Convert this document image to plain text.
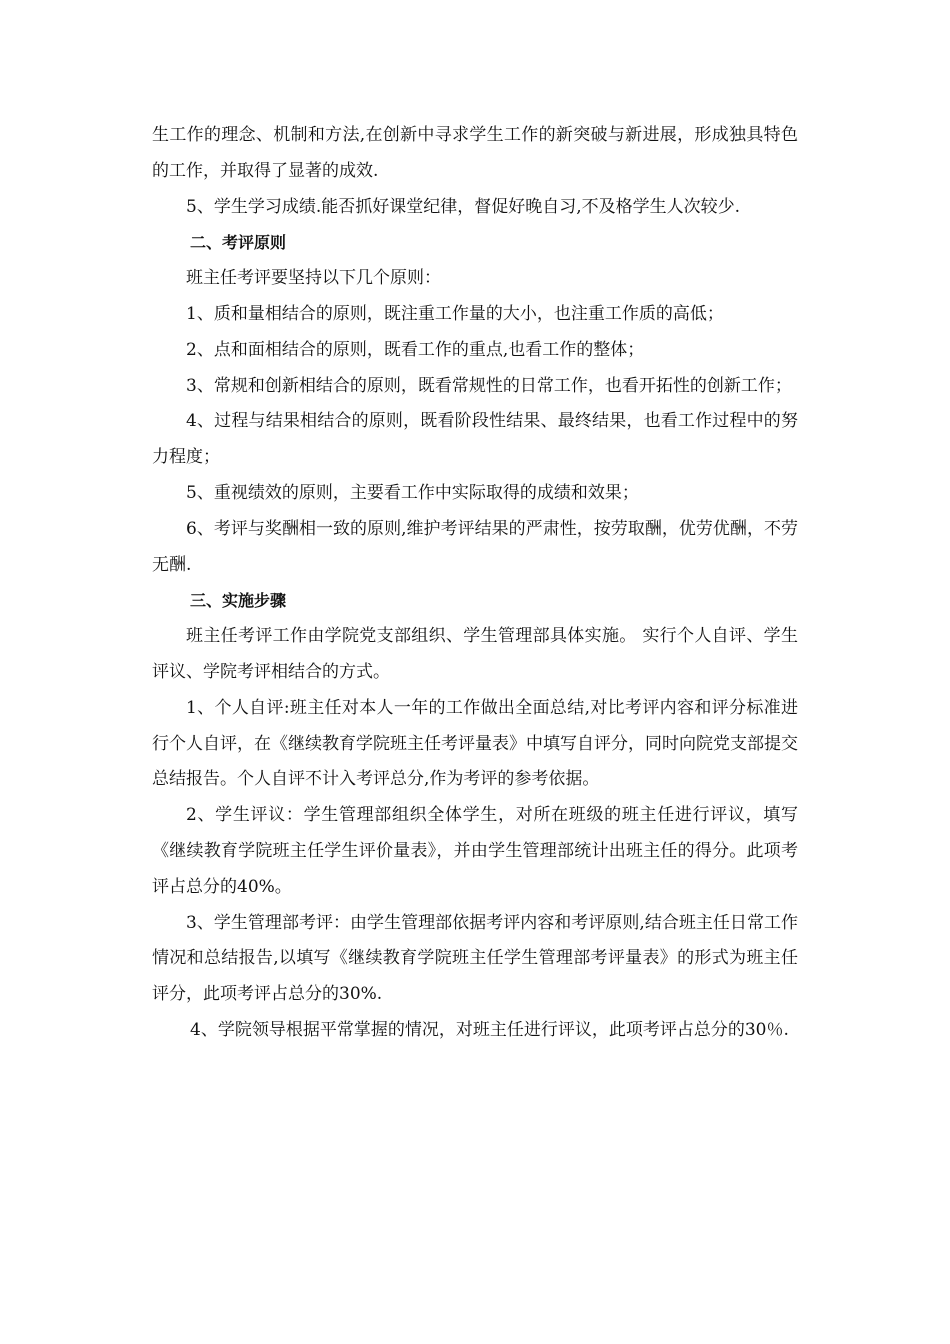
生工作的理念、机制和方法,在创新中寻求学生工作的新突破与新进展，形成独具特色的工作，并取得了显著的成效.

5、学生学习成绩.能否抓好课堂纪律，督促好晚自习,不及格学生人次较少.

二、考评原则

班主任考评要坚持以下几个原则：

1、质和量相结合的原则，既注重工作量的大小，也注重工作质的高低；

2、点和面相结合的原则，既看工作的重点,也看工作的整体；

3、常规和创新相结合的原则，既看常规性的日常工作，也看开拓性的创新工作；

4、过程与结果相结合的原则，既看阶段性结果、最终结果，也看工作过程中的努力程度；

5、重视绩效的原则，主要看工作中实际取得的成绩和效果；

6、考评与奖酬相一致的原则,维护考评结果的严肃性，按劳取酬，优劳优酬，不劳无酬.

三、实施步骤

班主任考评工作由学院党支部组织、学生管理部具体实施。 实行个人自评、学生评议、学院考评相结合的方式。

1、个人自评:班主任对本人一年的工作做出全面总结,对比考评内容和评分标准进行个人自评，在《继续教育学院班主任考评量表》中填写自评分，同时向院党支部提交总结报告。个人自评不计入考评总分,作为考评的参考依据。

2、学生评议：学生管理部组织全体学生，对所在班级的班主任进行评议，填写《继续教育学院班主任学生评价量表》，并由学生管理部统计出班主任的得分。此项考评占总分的40%。

3、学生管理部考评：由学生管理部依据考评内容和考评原则,结合班主任日常工作情况和总结报告,以填写《继续教育学院班主任学生管理部考评量表》的形式为班主任评分，此项考评占总分的30%.

4、学院领导根据平常掌握的情况，对班主任进行评议，此项考评占总分的30％.
